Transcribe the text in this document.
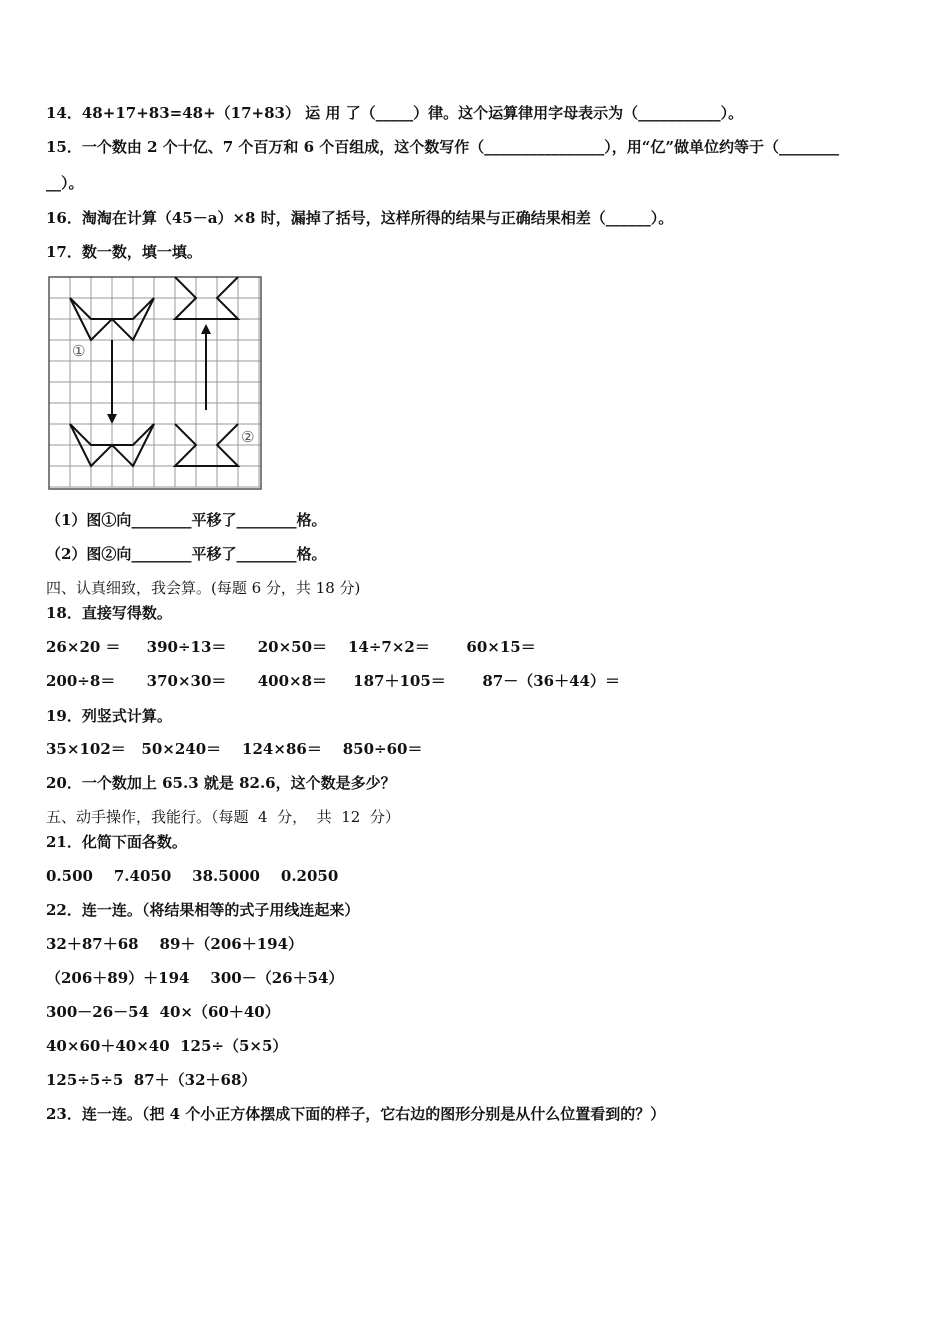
14．48+17+83=48+（17+83） 运 用 了（_____）律。这个运算律用字母表示为（___________）。
15．一个数由 2 个十亿、7 个百万和 6 个百组成，这个数写作（________________），用“亿”做单位约等于（________
__）。
16．淘淘在计算（45－a）×8 时，漏掉了括号，这样所得的结果与正确结果相差（______）。
17．数一数，填一填。
①
②
（1）图①向________平移了________格。
（2）图②向________平移了________格。
四、认真细致，我会算。(每题 6 分，共 18 分)
18．直接写得数。
26×20 ＝     390÷13＝      20×50＝    14÷7×2＝       60×15＝
200÷8＝      370×30＝      400×8＝     187＋105＝       87－（36＋44）＝
19．列竖式计算。
35×102＝   50×240＝    124×86＝    850÷60＝
20．一个数加上 65.3 就是 82.6，这个数是多少？
五、动手操作，我能行。（每题  4  分，  共  12  分）
21．化简下面各数。
0.500    7.4050    38.5000    0.2050
22．连一连。（将结果相等的式子用线连起来）
32＋87＋68    89＋（206＋194）
（206＋89）＋194    300－（26＋54）
300－26－54  40×（60＋40）
40×60＋40×40  125÷（5×5）
125÷5÷5  87＋（32＋68）
23．连一连。（把 4 个小正方体摆成下面的样子，它右边的图形分别是从什么位置看到的？）
